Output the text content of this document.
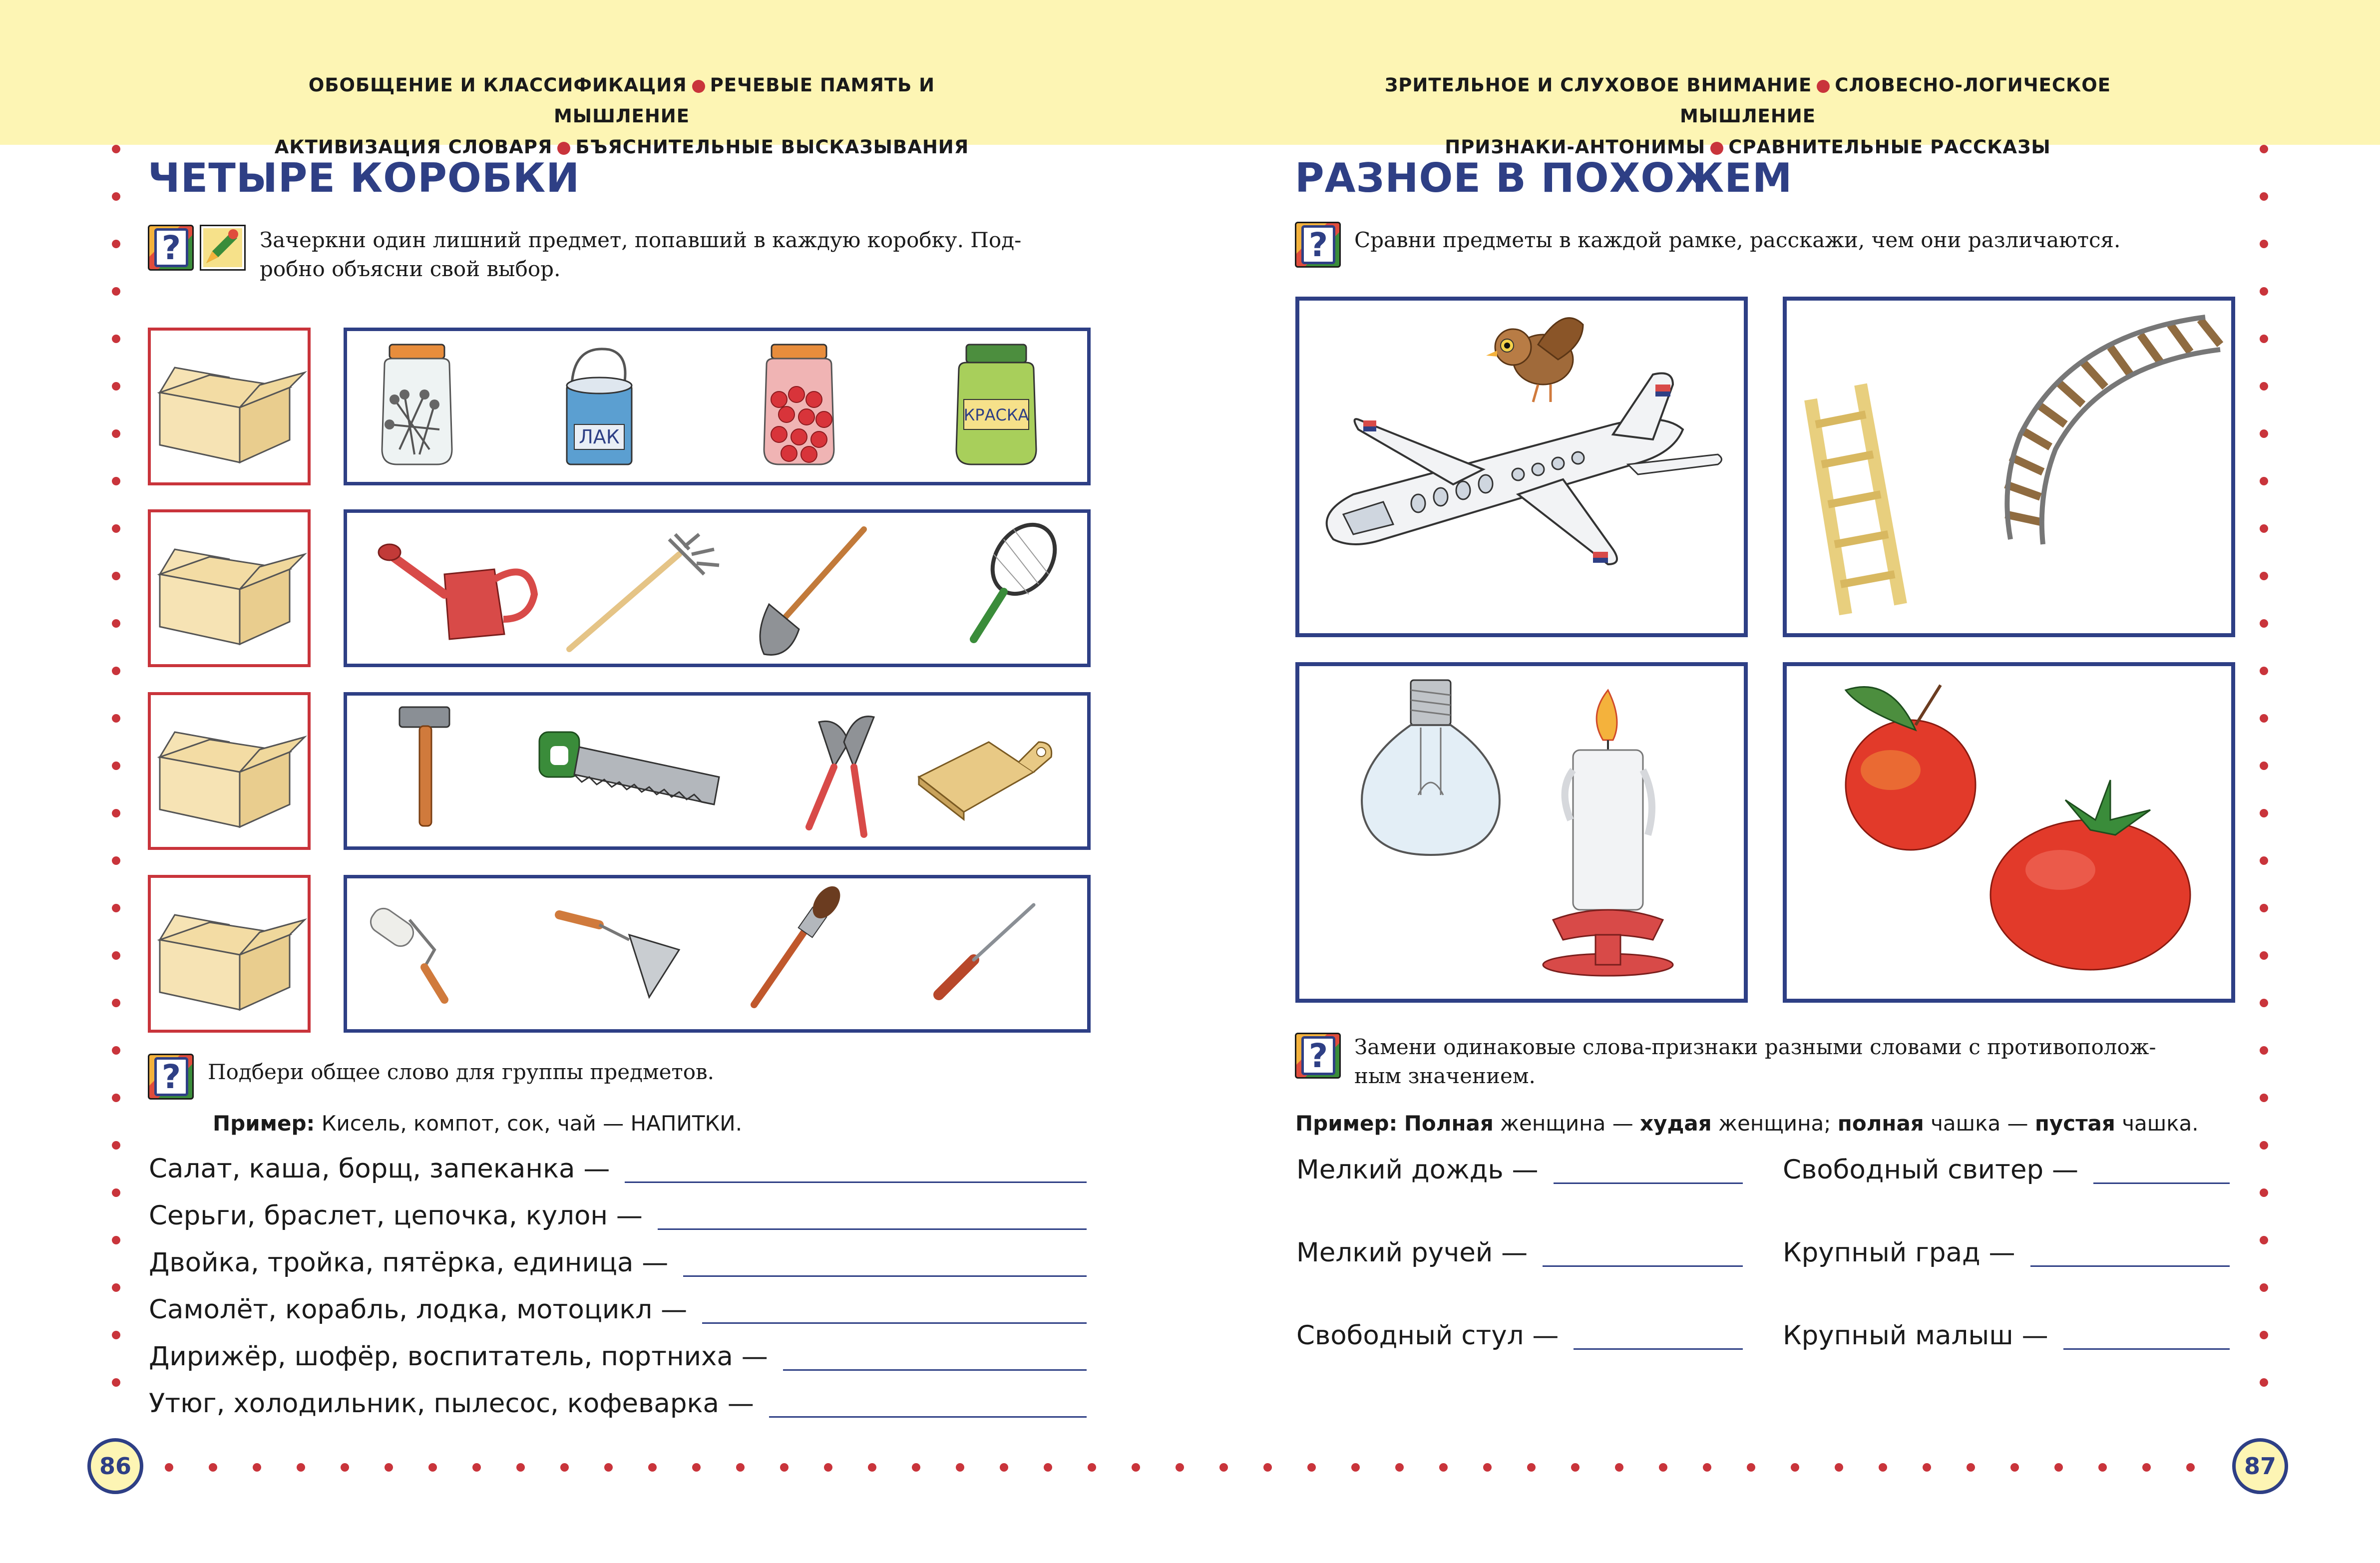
ОБОБЩЕНИЕ И КЛАССИФИКАЦИЯ РЕЧЕВЫЕ ПАМЯТЬ И МЫШЛЕНИЕ
АКТИВИЗАЦИЯ СЛОВАРЯ БЪЯСНИТЕЛЬНЫЕ ВЫСКАЗЫВАНИЯ
ЗРИТЕЛЬНОЕ И СЛУХОВОЕ ВНИМАНИЕ СЛОВЕСНО-ЛОГИЧЕСКОЕ МЫШЛЕНИЕ
ПРИЗНАКИ-АНТОНИМЫ СРАВНИТЕЛЬНЫЕ РАССКАЗЫ
ЧЕТЫРЕ КОРОБКИ
?	Зачеркни один лишний предмет, попавший в каждую коробку. Под-
робно объясни свой выбор.
ЛАК
КРАСКА
?	Подбери общее слово для группы предметов.
Пример: Кисель, компот, сок, чай — НАПИТКИ.
Салат, каша, борщ, запеканка —
Серьги, браслет, цепочка, кулон —
Двойка, тройка, пятёрка, единица —
Самолёт, корабль, лодка, мотоцикл —
Дирижёр, шофёр, воспитатель, портниха —
Утюг, холодильник, пылесос, кофеварка —
86
РАЗНОЕ В ПОХОЖЕМ
?	Сравни предметы в каждой рамке, расскажи, чем они различаются.
?	Замени одинаковые слова-признаки разными словами с противополож-
ным значением.
Пример: Полная женщина — худая женщина; полная чашка — пустая чашка.
Мелкий дождь —
Мелкий ручей —
Свободный стул —
Свободный свитер —
Крупный град —
Крупный малыш —
87
